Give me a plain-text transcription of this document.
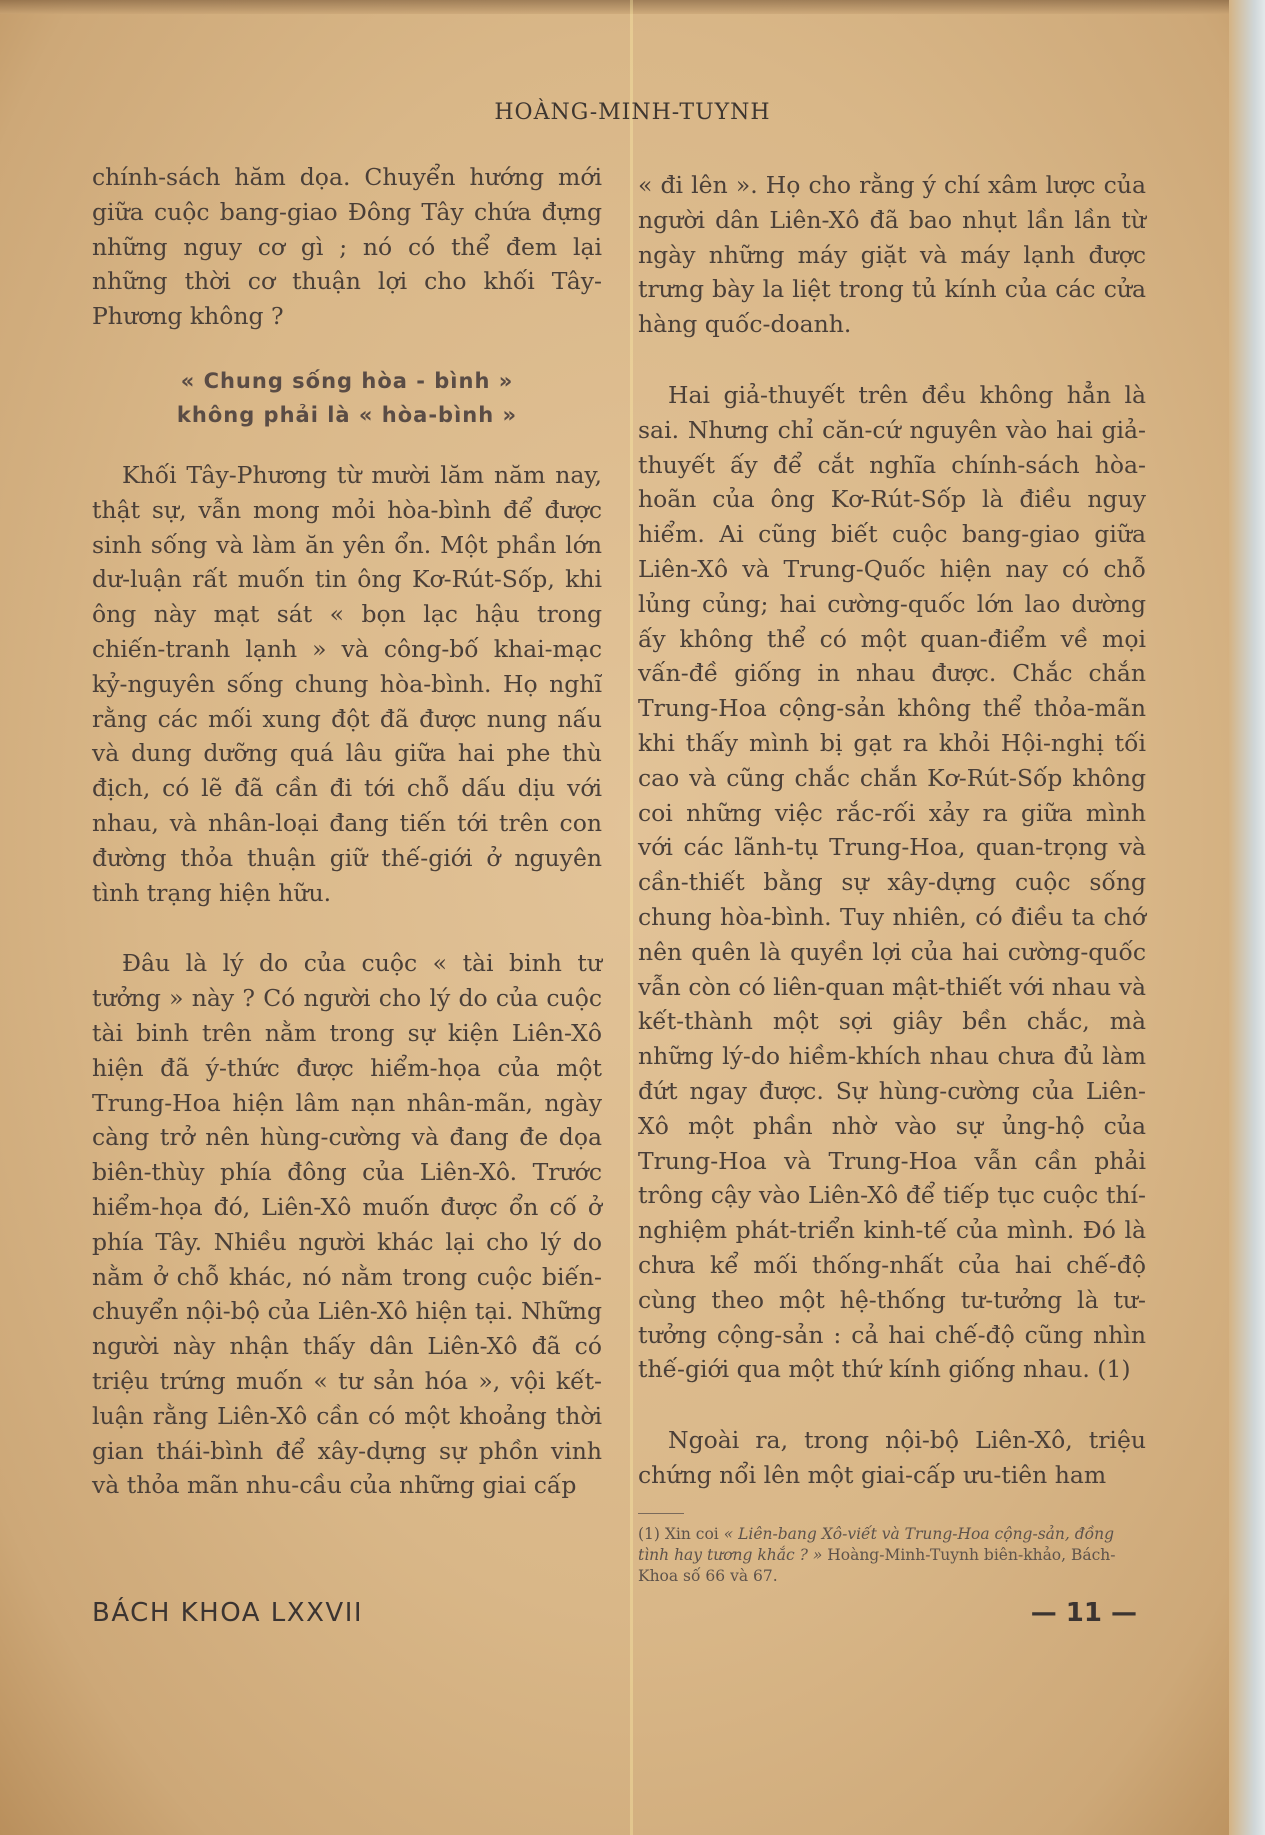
HOÀNG-MINH-TUYNH

chính-sách hăm dọa. Chuyển hướng mới giữa cuộc bang-giao Đông Tây chứa đựng những nguy cơ gì ; nó có thể đem lại những thời cơ thuận lợi cho khối Tây-Phương không ?

« Chung sống hòa - bình »
không phải là « hòa-bình »

Khối Tây-Phương từ mười lăm năm nay, thật sự, vẫn mong mỏi hòa-bình để được sinh sống và làm ăn yên ổn. Một phần lớn dư-luận rất muốn tin ông Kơ-Rút-Sốp, khi ông này mạt sát « bọn lạc hậu trong chiến-tranh lạnh » và công-bố khai-mạc kỷ-nguyên sống chung hòa-bình. Họ nghĩ rằng các mối xung đột đã được nung nấu và dung dưỡng quá lâu giữa hai phe thù địch, có lẽ đã cần đi tới chỗ dấu dịu với nhau, và nhân-loại đang tiến tới trên con đường thỏa thuận giữ thế-giới ở nguyên tình trạng hiện hữu.

Đâu là lý do của cuộc « tài binh tư tưởng » này ? Có người cho lý do của cuộc tài binh trên nằm trong sự kiện Liên-Xô hiện đã ý-thức được hiểm-họa của một Trung-Hoa hiện lâm nạn nhân-mãn, ngày càng trở nên hùng-cường và đang đe dọa biên-thùy phía đông của Liên-Xô. Trước hiểm-họa đó, Liên-Xô muốn được ổn cố ở phía Tây. Nhiều người khác lại cho lý do nằm ở chỗ khác, nó nằm trong cuộc biến-chuyển nội-bộ của Liên-Xô hiện tại. Những người này nhận thấy dân Liên-Xô đã có triệu trứng muốn « tư sản hóa », vội kết-luận rằng Liên-Xô cần có một khoảng thời gian thái-bình để xây-dựng sự phồn vinh và thỏa mãn nhu-cầu của những giai cấp

« đi lên ». Họ cho rằng ý chí xâm lược của người dân Liên-Xô đã bao nhụt lần lần từ ngày những máy giặt và máy lạnh được trưng bày la liệt trong tủ kính của các cửa hàng quốc-doanh.

Hai giả-thuyết trên đều không hẳn là sai. Nhưng chỉ căn-cứ nguyên vào hai giả-thuyết ấy để cắt nghĩa chính-sách hòa-hoãn của ông Kơ-Rút-Sốp là điều nguy hiểm. Ai cũng biết cuộc bang-giao giữa Liên-Xô và Trung-Quốc hiện nay có chỗ lủng củng; hai cường-quốc lớn lao dường ấy không thể có một quan-điểm về mọi vấn-đề giống in nhau được. Chắc chắn Trung-Hoa cộng-sản không thể thỏa-mãn khi thấy mình bị gạt ra khỏi Hội-nghị tối cao và cũng chắc chắn Kơ-Rút-Sốp không coi những việc rắc-rối xảy ra giữa mình với các lãnh-tụ Trung-Hoa, quan-trọng và cần-thiết bằng sự xây-dựng cuộc sống chung hòa-bình. Tuy nhiên, có điều ta chớ nên quên là quyền lợi của hai cường-quốc vẫn còn có liên-quan mật-thiết với nhau và kết-thành một sợi giây bền chắc, mà những lý-do hiềm-khích nhau chưa đủ làm đứt ngay được. Sự hùng-cường của Liên-Xô một phần nhờ vào sự ủng-hộ của Trung-Hoa và Trung-Hoa vẫn cần phải trông cậy vào Liên-Xô để tiếp tục cuộc thí-nghiệm phát-triển kinh-tế của mình. Đó là chưa kể mối thống-nhất của hai chế-độ cùng theo một hệ-thống tư-tưởng là tư-tưởng cộng-sản : cả hai chế-độ cũng nhìn thế-giới qua một thứ kính giống nhau. (1)

Ngoài ra, trong nội-bộ Liên-Xô, triệu chứng nổi lên một giai-cấp ưu-tiên ham

(1) Xin coi « Liên-bang Xô-viết và Trung-Hoa cộng-sản, đồng tình hay tương khắc ? » Hoàng-Minh-Tuynh biên-khảo, Bách-Khoa số 66 và 67.
BÁCH KHOA LXXVII	— 11 —
